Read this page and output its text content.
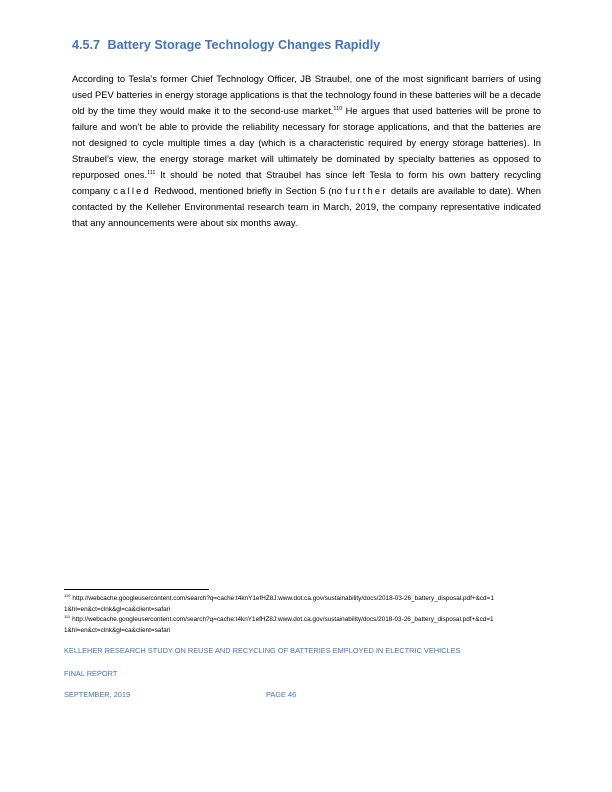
4.5.7 Battery Storage Technology Changes Rapidly

According to Tesla’s former Chief Technology Officer, JB Straubel, one of the most significant barriers of using used PEV batteries in energy storage applications is that the technology found in these batteries will be a decade old by the time they would make it to the second-use market.$^{110}$ He argues that used batteries will be prone to failure and won’t be able to provide the reliability necessary for storage applications, and that the batteries are not designed to cycle multiple times a day (which is a characteristic required by energy storage batteries). In Straubel’s view, the energy storage market will ultimately be dominated by specialty batteries as opposed to repurposed ones.$^{111}$ It should be noted that Straubel has since left Tesla to form his own battery recycling company called Redwood, mentioned briefly in Section 5 (no further details are available to date). When contacted by the Kelleher Environmental research team in March, 2019, the company representative indicated that any announcements were about six months away.

$^{110}$ http://webcache.googleusercontent.com/search?q=cache:t4knY1efHZ8J:www.dot.ca.gov/sustainability/docs/2018-03-26_battery_disposal.pdf+&cd=11&hl=en&ct=clnk&gl=ca&client=safari

$^{111}$ http://webcache.googleusercontent.com/search?q=cache:t4knY1efHZ8J:www.dot.ca.gov/sustainability/docs/2018-03-26_battery_disposal.pdf+&cd=11&hl=en&ct=clnk&gl=ca&client=safari

KELLEHER RESEARCH STUDY ON REUSE AND RECYCLING OF BATTERIES EMPLOYED IN ELECTRIC VEHICLES

FINAL REPORT

SEPTEMBER, 2019	PAGE 46
